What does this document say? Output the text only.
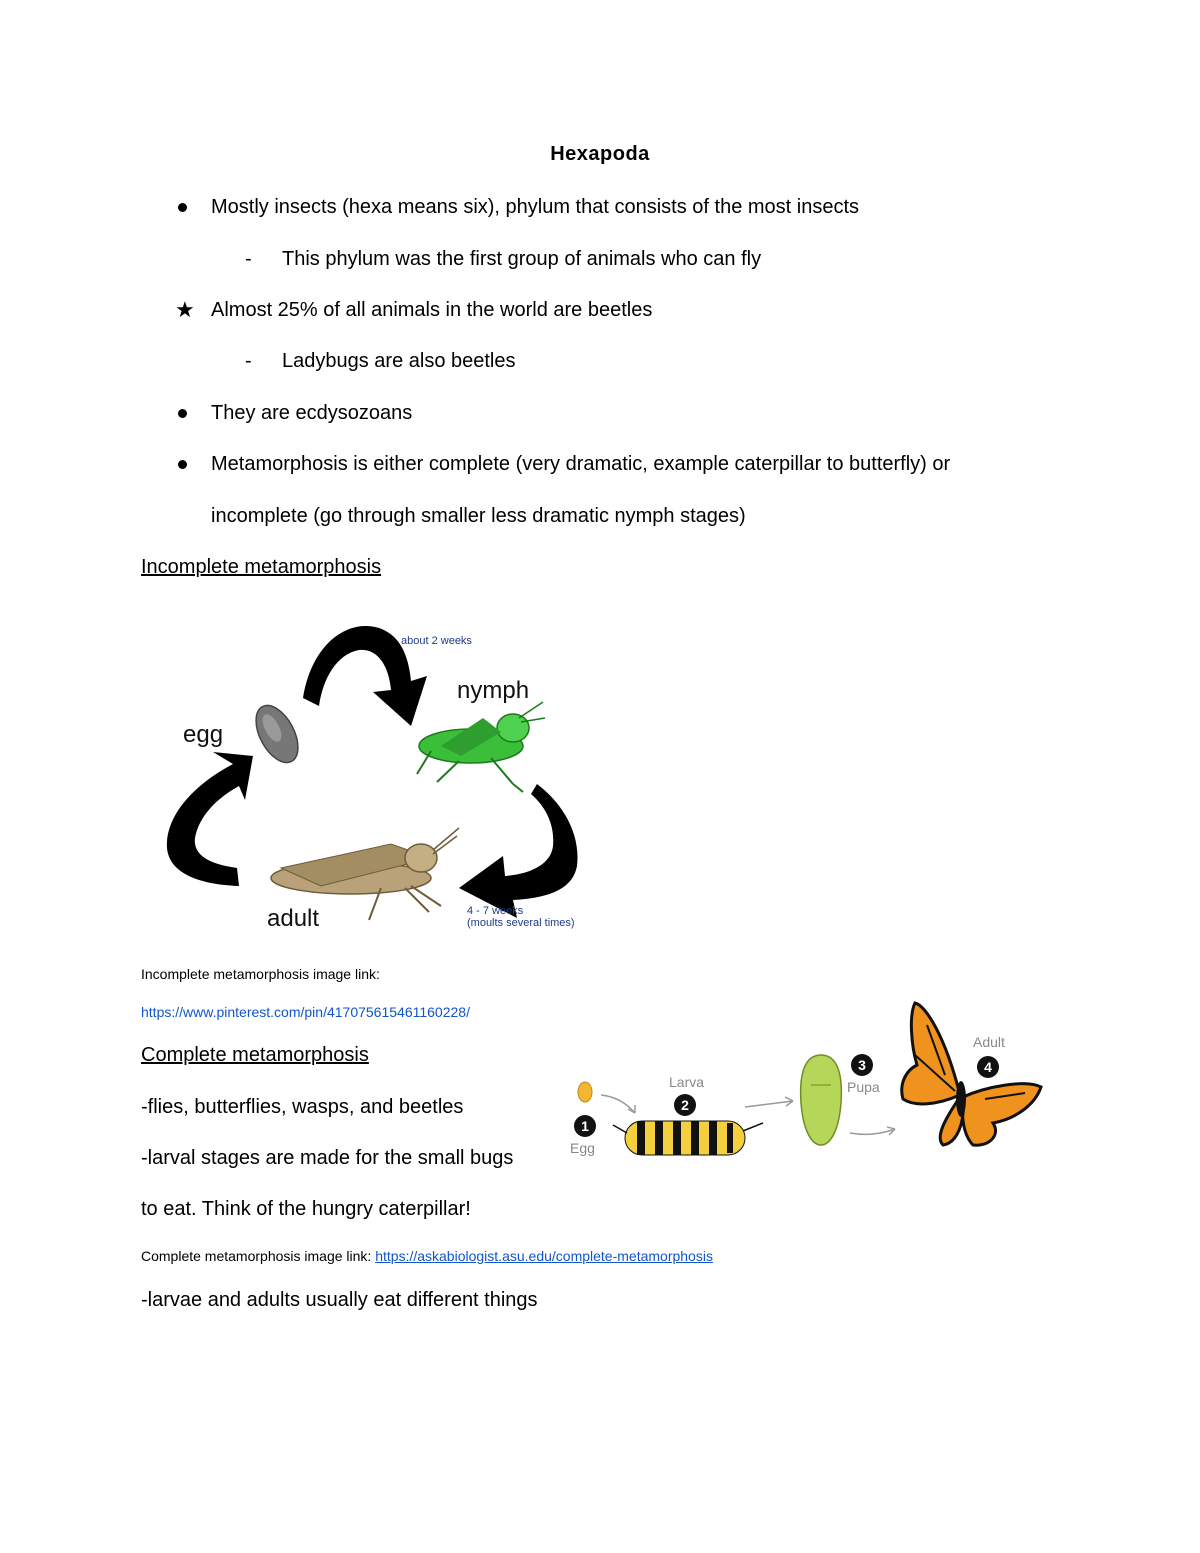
Hexapoda
Mostly insects (hexa means six), phylum that consists of the most insects
- This phylum was the first group of animals who can fly
★ Almost 25% of all animals in the world are beetles
- Ladybugs are also beetles
They are ecdysozoans
Metamorphosis is either complete (very dramatic, example caterpillar to butterfly) or
incomplete (go through smaller less dramatic nymph stages)
Incomplete metamorphosis
egg
nymph
adult
about 2 weeks
4 - 7 weeks
(moults several times)
Incomplete metamorphosis image link:
https://www.pinterest.com/pin/417075615461160228/
Complete metamorphosis
-flies, butterflies, wasps, and beetles
-larval stages are made for the small bugs
to eat. Think of the hungry caterpillar!
Complete metamorphosis image link: https://askabiologist.asu.edu/complete-metamorphosis
-larvae and adults usually eat different things
1
Egg
2
Larva
3
Pupa
4
Adult
